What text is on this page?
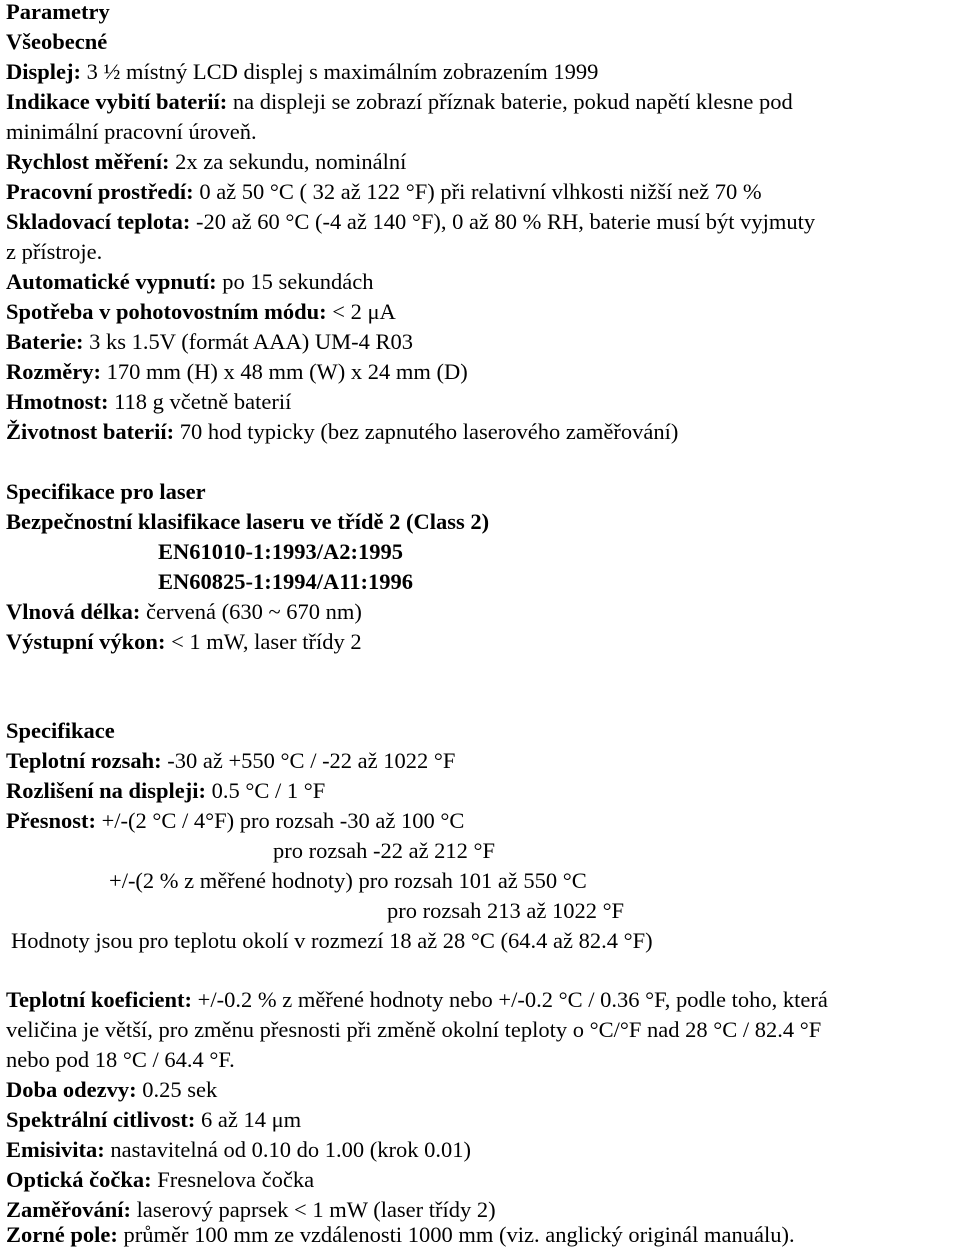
Parametry
Všeobecné
Displej: 3 ½ místný LCD displej s maximálním zobrazením 1999
Indikace vybití baterií: na displeji se zobrazí příznak baterie, pokud napětí klesne pod
minimální pracovní úroveň.
Rychlost měření: 2x za sekundu, nominální
Pracovní prostředí: 0 až 50 °C ( 32 až 122 °F) při relativní vlhkosti nižší než 70 %
Skladovací teplota: -20 až 60 °C (-4 až 140 °F), 0 až 80 % RH, baterie musí být vyjmuty
z přístroje.
Automatické vypnutí: po 15 sekundách
Spotřeba v pohotovostním módu: < 2 μA
Baterie: 3 ks 1.5V (formát AAA) UM-4 R03
Rozměry: 170 mm (H) x 48 mm (W) x 24 mm (D)
Hmotnost: 118 g včetně baterií
Životnost baterií: 70 hod typicky (bez zapnutého laserového zaměřování)
Specifikace pro laser
Bezpečnostní klasifikace laseru ve třídě 2 (Class 2)
EN61010-1:1993/A2:1995
EN60825-1:1994/A11:1996
Vlnová délka: červená (630 ~ 670 nm)
Výstupní výkon: < 1 mW, laser třídy 2
Specifikace
Teplotní rozsah: -30 až +550 °C / -22 až 1022 °F
Rozlišení na displeji: 0.5 °C / 1 °F
Přesnost: +/-(2 °C / 4°F) pro rozsah -30 až 100 °C
pro rozsah -22 až 212 °F
+/-(2 % z měřené hodnoty) pro rozsah 101 až 550 °C
pro rozsah 213 až 1022 °F
Hodnoty jsou pro teplotu okolí v rozmezí 18 až 28 °C (64.4 až 82.4 °F)
Teplotní koeficient: +/-0.2 % z měřené hodnoty nebo +/-0.2 °C / 0.36 °F, podle toho, která
veličina je větší, pro změnu přesnosti při změně okolní teploty o °C/°F nad 28 °C / 82.4 °F
nebo pod 18 °C / 64.4 °F.
Doba odezvy: 0.25 sek
Spektrální citlivost: 6 až 14 μm
Emisivita: nastavitelná od 0.10 do 1.00 (krok 0.01)
Optická čočka: Fresnelova čočka
Zaměřování: laserový paprsek < 1 mW (laser třídy 2)
Zorné pole: průměr 100 mm ze vzdálenosti 1000 mm (viz. anglický originál manuálu).
